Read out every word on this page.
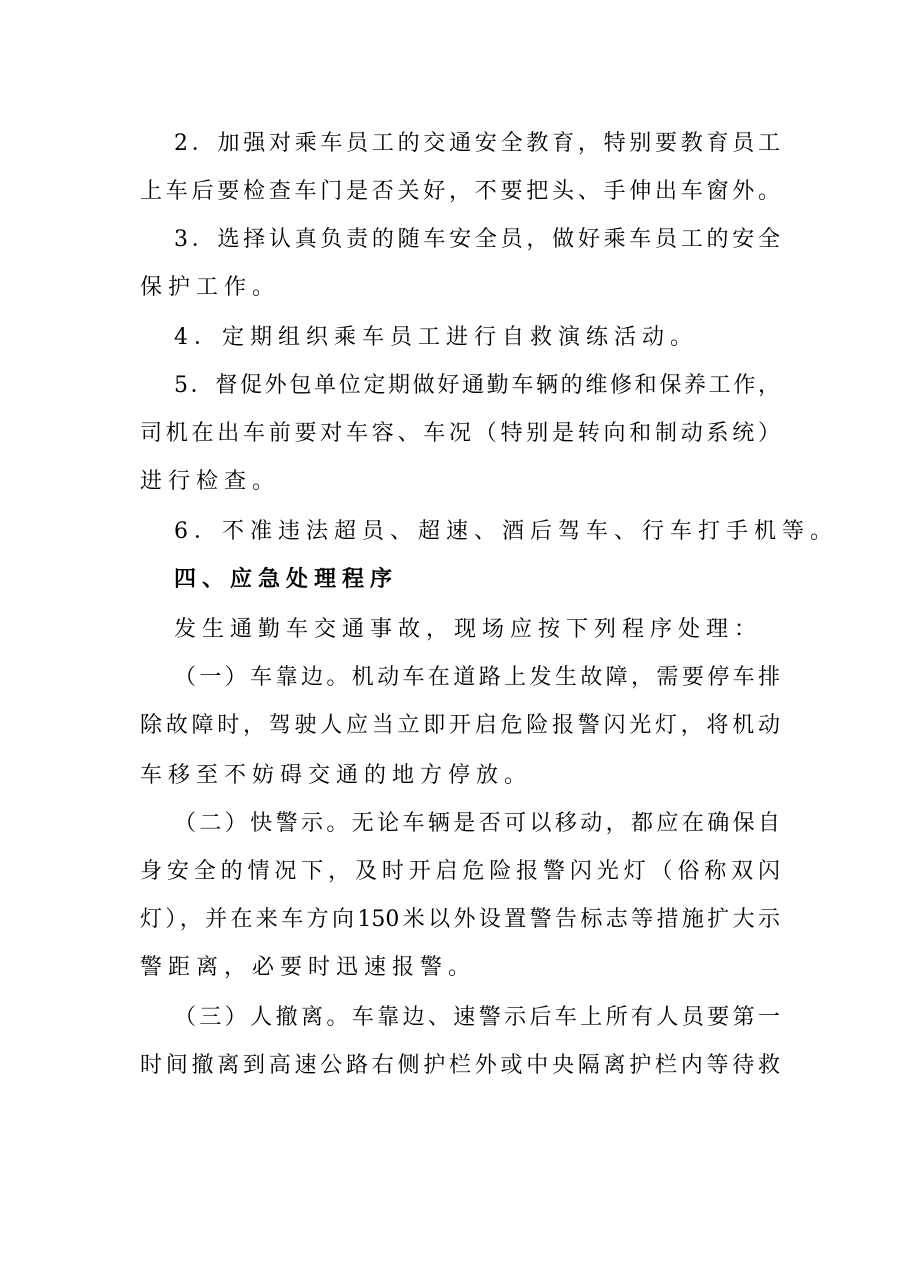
2．加强对乘车员工的交通安全教育，特别要教育员工
上车后要检查车门是否关好，不要把头、手伸出车窗外。
3．选择认真负责的随车安全员，做好乘车员工的安全
保护工作。
4．定期组织乘车员工进行自救演练活动。
5．督促外包单位定期做好通勤车辆的维修和保养工作，
司机在出车前要对车容、车况（特别是转向和制动系统）
进行检查。
6．不准违法超员、超速、酒后驾车、行车打手机等。
四、应急处理程序
发生通勤车交通事故，现场应按下列程序处理：
（一）车靠边。机动车在道路上发生故障，需要停车排
除故障时，驾驶人应当立即开启危险报警闪光灯，将机动
车移至不妨碍交通的地方停放。
（二）快警示。无论车辆是否可以移动，都应在确保自
身安全的情况下，及时开启危险报警闪光灯（俗称双闪
灯），并在来车方向150米以外设置警告标志等措施扩大示
警距离，必要时迅速报警。
（三）人撤离。车靠边、速警示后车上所有人员要第一
时间撤离到高速公路右侧护栏外或中央隔离护栏内等待救
